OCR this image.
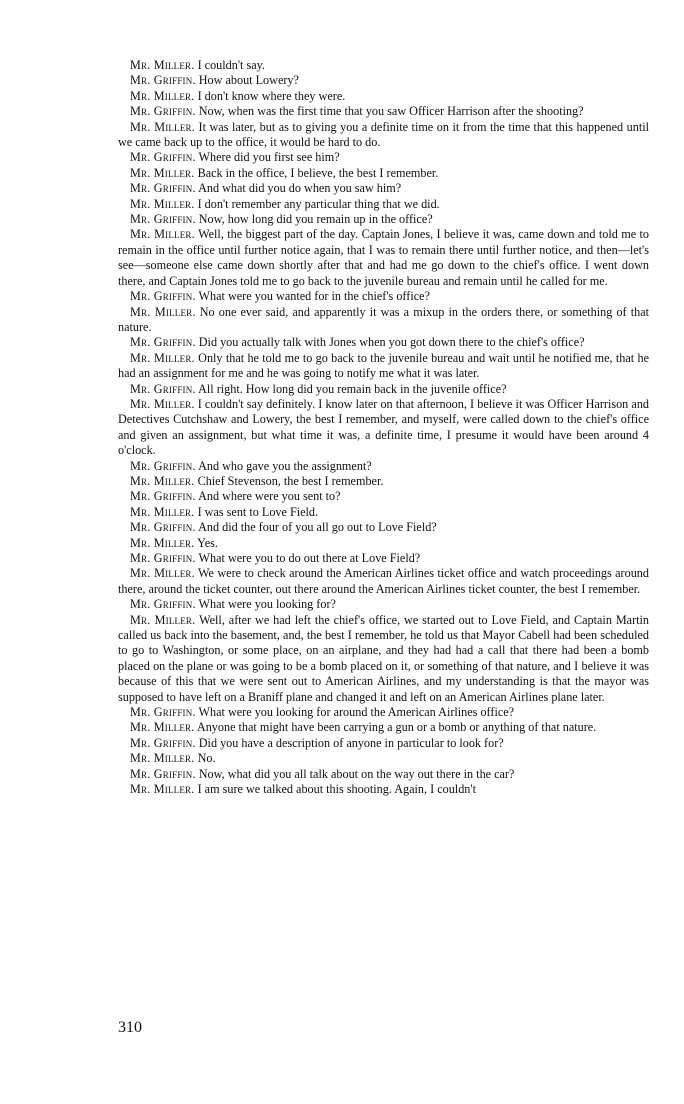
Mr. Miller. I couldn't say.

Mr. Griffin. How about Lowery?

Mr. Miller. I don't know where they were.

Mr. Griffin. Now, when was the first time that you saw Officer Harrison after the shooting?

Mr. Miller. It was later, but as to giving you a definite time on it from the time that this happened until we came back up to the office, it would be hard to do.

Mr. Griffin. Where did you first see him?

Mr. Miller. Back in the office, I believe, the best I remember.

Mr. Griffin. And what did you do when you saw him?

Mr. Miller. I don't remember any particular thing that we did.

Mr. Griffin. Now, how long did you remain up in the office?

Mr. Miller. Well, the biggest part of the day. Captain Jones, I believe it was, came down and told me to remain in the office until further notice again, that I was to remain there until further notice, and then—let's see—someone else came down shortly after that and had me go down to the chief's office. I went down there, and Captain Jones told me to go back to the juvenile bureau and remain until he called for me.

Mr. Griffin. What were you wanted for in the chief's office?

Mr. Miller. No one ever said, and apparently it was a mixup in the orders there, or something of that nature.

Mr. Griffin. Did you actually talk with Jones when you got down there to the chief's office?

Mr. Miller. Only that he told me to go back to the juvenile bureau and wait until he notified me, that he had an assignment for me and he was going to notify me what it was later.

Mr. Griffin. All right. How long did you remain back in the juvenile office?

Mr. Miller. I couldn't say definitely. I know later on that afternoon, I believe it was Officer Harrison and Detectives Cutchshaw and Lowery, the best I remember, and myself, were called down to the chief's office and given an assignment, but what time it was, a definite time, I presume it would have been around 4 o'clock.

Mr. Griffin. And who gave you the assignment?

Mr. Miller. Chief Stevenson, the best I remember.

Mr. Griffin. And where were you sent to?

Mr. Miller. I was sent to Love Field.

Mr. Griffin. And did the four of you all go out to Love Field?

Mr. Miller. Yes.

Mr. Griffin. What were you to do out there at Love Field?

Mr. Miller. We were to check around the American Airlines ticket office and watch proceedings around there, around the ticket counter, out there around the American Airlines ticket counter, the best I remember.

Mr. Griffin. What were you looking for?

Mr. Miller. Well, after we had left the chief's office, we started out to Love Field, and Captain Martin called us back into the basement, and, the best I remember, he told us that Mayor Cabell had been scheduled to go to Washington, or some place, on an airplane, and they had had a call that there had been a bomb placed on the plane or was going to be a bomb placed on it, or something of that nature, and I believe it was because of this that we were sent out to American Airlines, and my understanding is that the mayor was supposed to have left on a Braniff plane and changed it and left on an American Airlines plane later.

Mr. Griffin. What were you looking for around the American Airlines office?

Mr. Miller. Anyone that might have been carrying a gun or a bomb or anything of that nature.

Mr. Griffin. Did you have a description of anyone in particular to look for?

Mr. Miller. No.

Mr. Griffin. Now, what did you all talk about on the way out there in the car?

Mr. Miller. I am sure we talked about this shooting. Again, I couldn't

310
